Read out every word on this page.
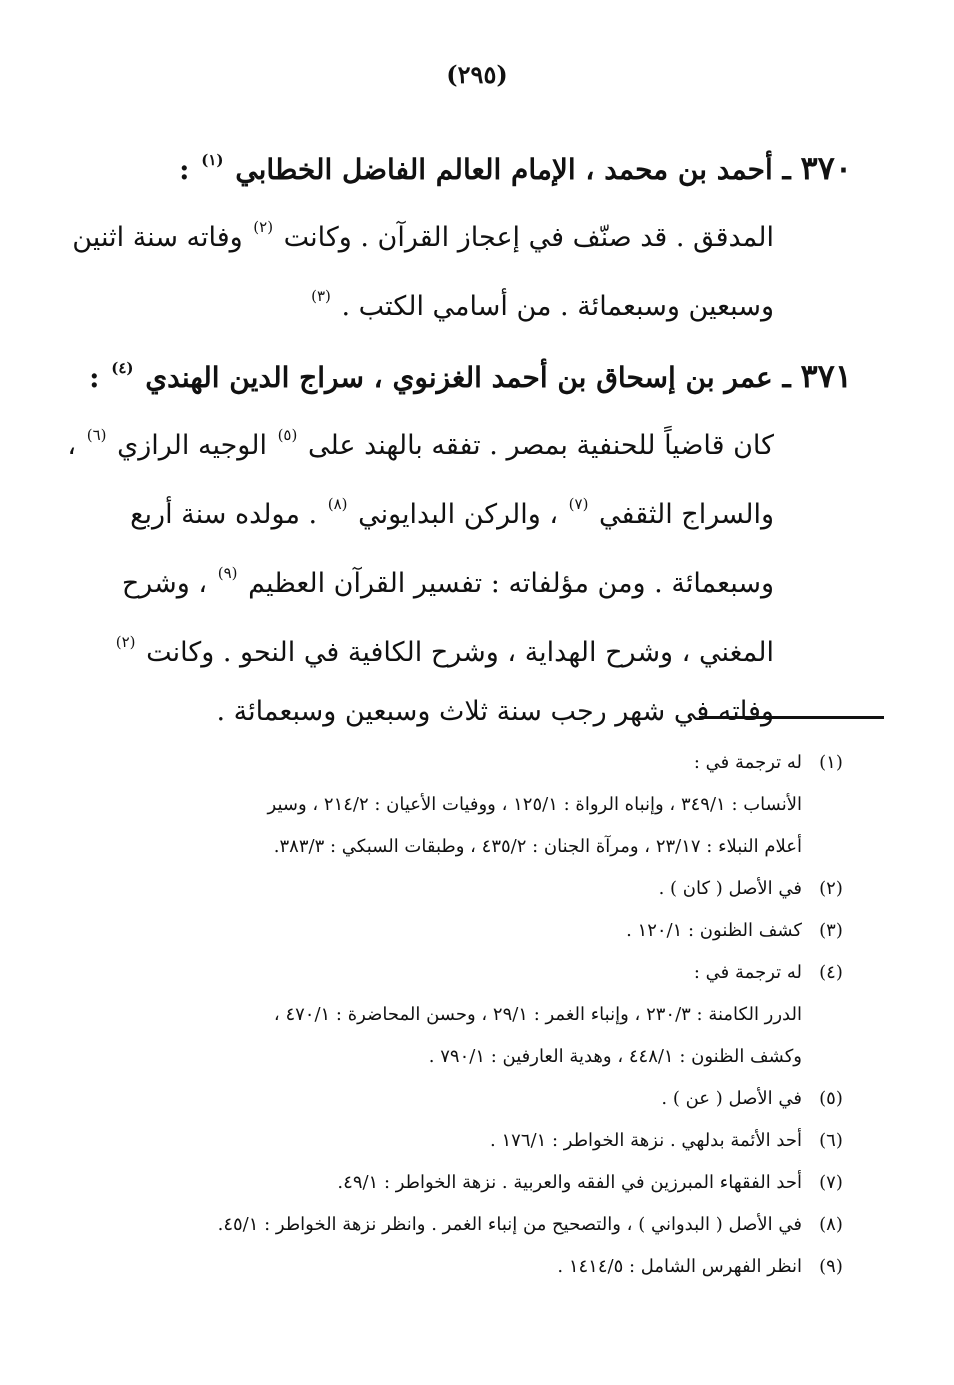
(٢٩٥)
٣٧٠ ـ أحمد بن محمد ، الإمام العالم الفاضل الخطابي $^{(١)}$ :
المدقق . قد صنّف في إعجاز القرآن . وكانت $^{(٢)}$ وفاته سنة اثنين
وسبعين وسبعمائة . من أسامي الكتب . $^{(٣)}$
٣٧١ ـ عمر بن إسحاق بن أحمد الغزنوي ، سراج الدين الهندي $^{(٤)}$ :
كان قاضياً للحنفية بمصر . تفقه بالهند على $^{(٥)}$ الوجيه الرازي $^{(٦)}$ ،
والسراج الثقفي $^{(٧)}$ ، والركن البدايوني $^{(٨)}$ . مولده سنة أربع
وسبعمائة . ومن مؤلفاته : تفسير القرآن العظيم $^{(٩)}$ ، وشرح
المغني ، وشرح الهداية ، وشرح الكافية في النحو . وكانت $^{(٢)}$
وفاته في شهر رجب سنة ثلاث وسبعين وسبعمائة .
(١)
له ترجمة في :
الأنساب : ٣٤٩/١ ، وإنباه الرواة : ١٢٥/١ ، ووفيات الأعيان : ٢١٤/٢ ، وسير
أعلام النبلاء : ٢٣/١٧ ، ومرآة الجنان : ٤٣٥/٢ ، وطبقات السبكي : ٣٨٣/٣.
(٢)
في الأصل ( كان ) .
(٣)
كشف الظنون : ١٢٠/١ .
(٤)
له ترجمة في :
الدرر الكامنة : ٢٣٠/٣ ، وإنباء الغمر : ٢٩/١ ، وحسن المحاضرة : ٤٧٠/١ ،
وكشف الظنون : ٤٤٨/١ ، وهدية العارفين : ٧٩٠/١ .
(٥)
في الأصل ( عن ) .
(٦)
أحد الأئمة بدلهي . نزهة الخواطر : ١٧٦/١ .
(٧)
أحد الفقهاء المبرزين في الفقه والعربية . نزهة الخواطر : ٤٩/١.
(٨)
في الأصل ( البدواني ) ، والتصحيح من إنباء الغمر . وانظر نزهة الخواطر : ٤٥/١.
(٩)
انظر الفهرس الشامل : ١٤١٤/٥ .
